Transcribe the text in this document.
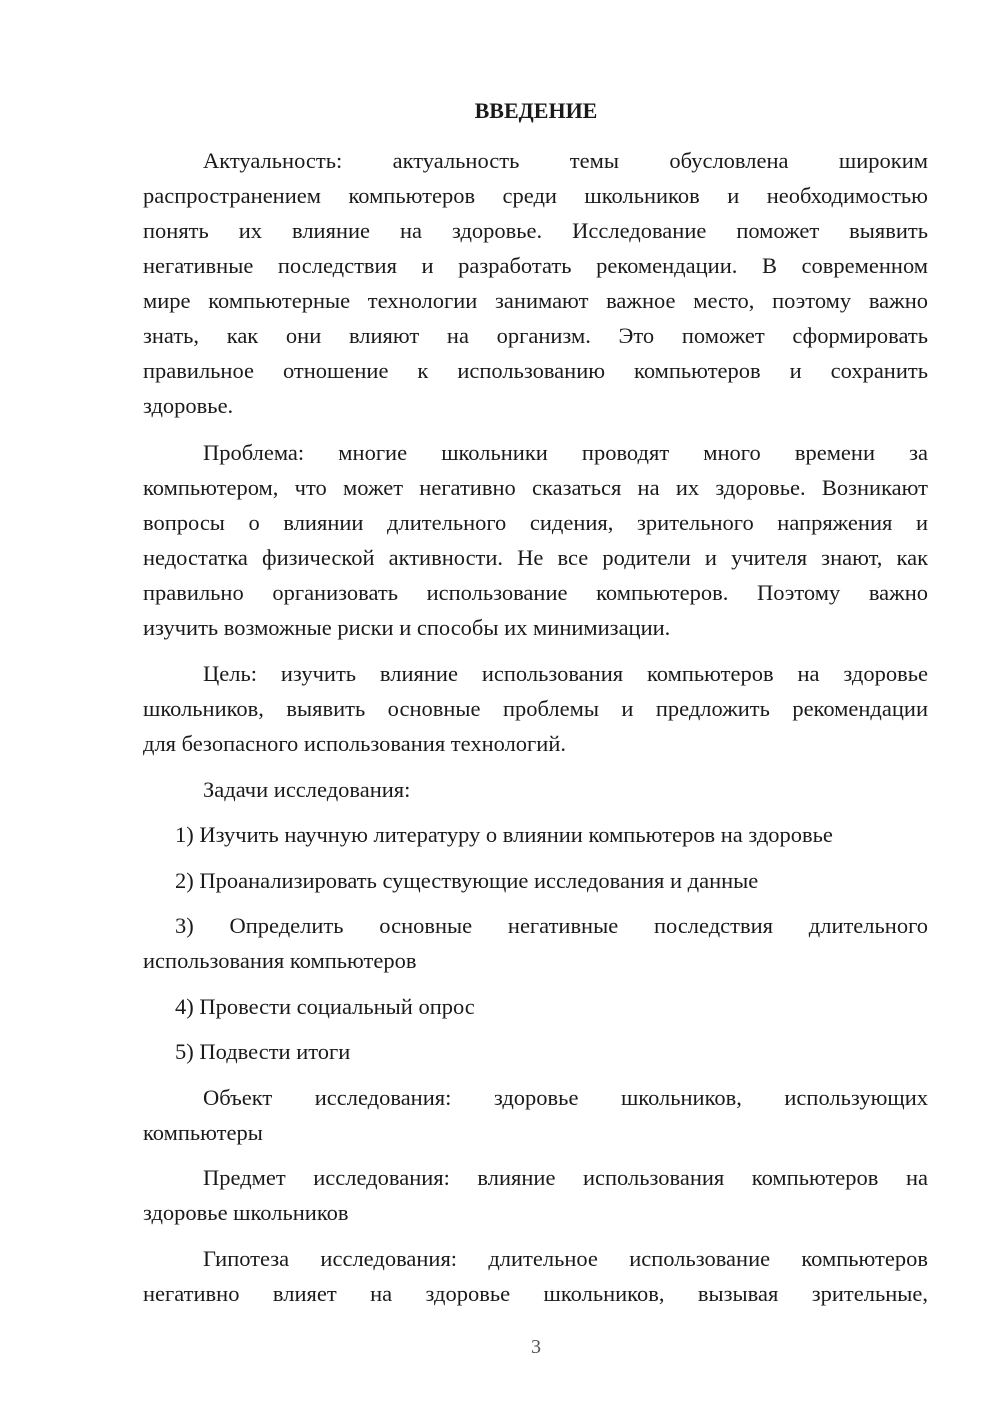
ВВЕДЕНИЕ
Актуальность: актуальность темы обусловлена широким
распространением компьютеров среди школьников и необходимостью
понять их влияние на здоровье. Исследование поможет выявить
негативные последствия и разработать рекомендации. В современном
мире компьютерные технологии занимают важное место, поэтому важно
знать, как они влияют на организм. Это поможет сформировать
правильное отношение к использованию компьютеров и сохранить
здоровье.
Проблема: многие школьники проводят много времени за
компьютером, что может негативно сказаться на их здоровье. Возникают
вопросы о влиянии длительного сидения, зрительного напряжения и
недостатка физической активности. Не все родители и учителя знают, как
правильно организовать использование компьютеров. Поэтому важно
изучить возможные риски и способы их минимизации.
Цель: изучить влияние использования компьютеров на здоровье
школьников, выявить основные проблемы и предложить рекомендации
для безопасного использования технологий.
Задачи исследования:
1) Изучить научную литературу о влиянии компьютеров на здоровье
2) Проанализировать существующие исследования и данные
3) Определить основные негативные последствия длительного
использования компьютеров
4) Провести социальный опрос
5) Подвести итоги
Объект исследования: здоровье школьников, использующих
компьютеры
Предмет исследования: влияние использования компьютеров на
здоровье школьников
Гипотеза исследования: длительное использование компьютеров
негативно влияет на здоровье школьников, вызывая зрительные,
3
